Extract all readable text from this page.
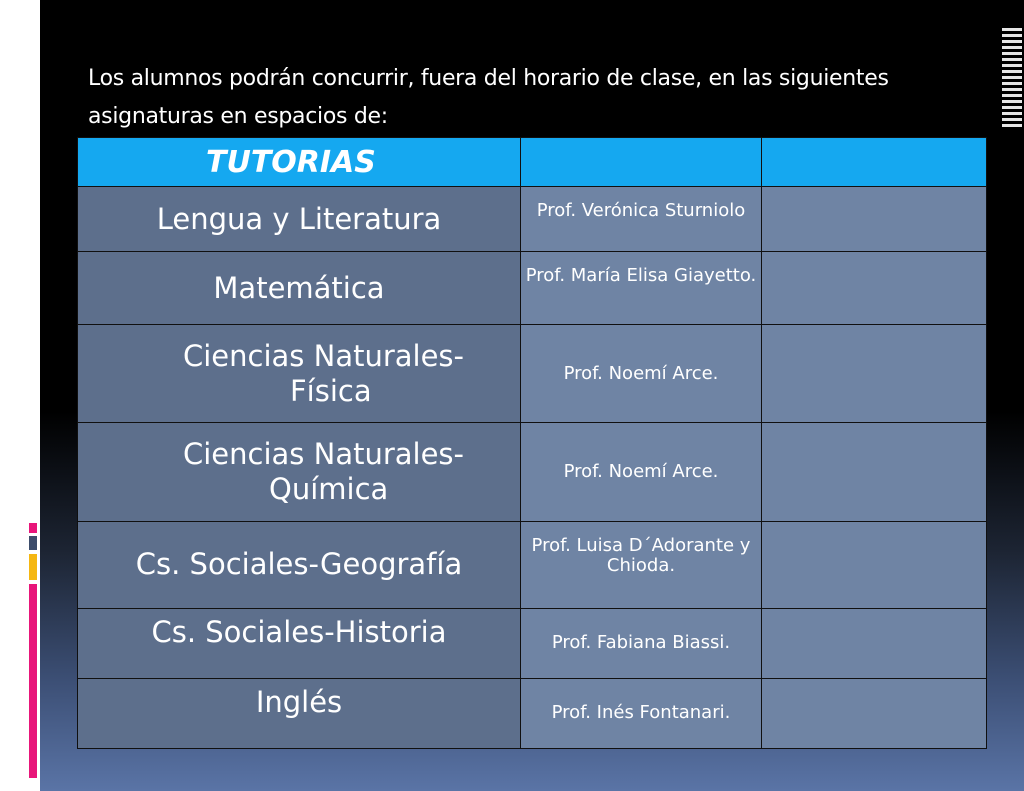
Los alumnos podrán concurrir, fuera del horario de clase, en las siguientes asignaturas en espacios de:
TUTORIAS		
Lengua y Literatura	Prof. Verónica Sturniolo	
Matemática	Prof. María Elisa Giayetto.	

Ciencias Naturales-
Física	Prof. Noemí Arce.	

Ciencias Naturales-
Química	Prof. Noemí Arce.	
Cs. Sociales-Geografía	Prof. Luisa D´Adorante y Chioda.	
Cs. Sociales-Historia	Prof. Fabiana Biassi.	
Inglés	Prof. Inés Fontanari.	
